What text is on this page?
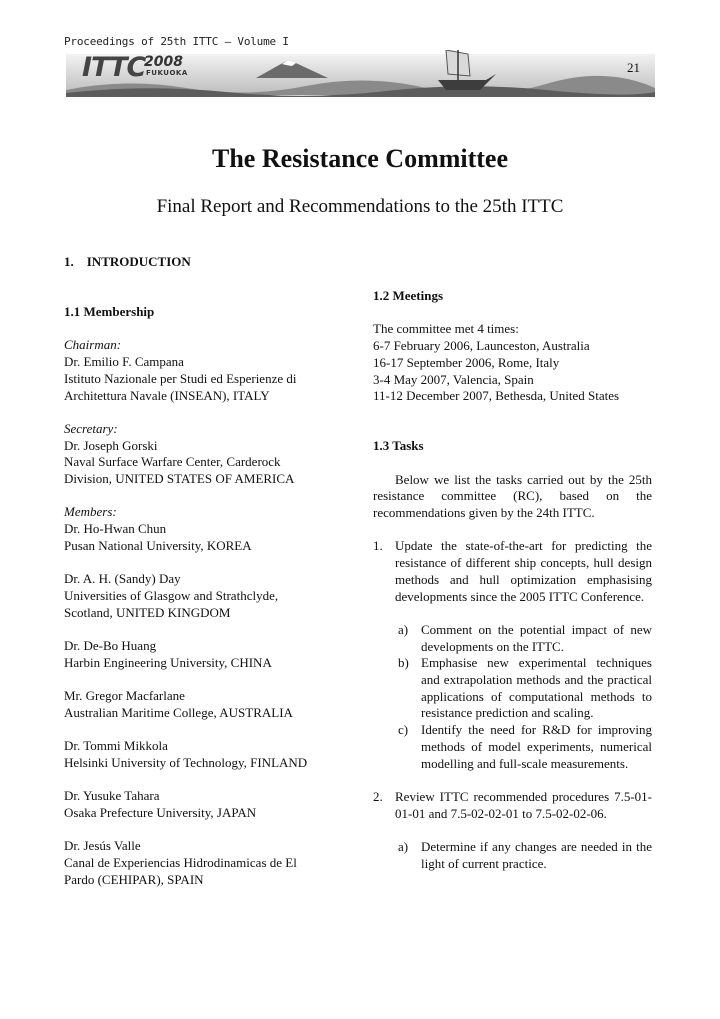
Proceedings of 25th ITTC – Volume I
ITTC
2008
FUKUOKA	21
The Resistance Committee
Final Report and Recommendations to the 25th ITTC
1.    INTRODUCTION
1.1 Membership
Chairman:
Dr. Emilio F. Campana
Istituto Nazionale per Studi ed Esperienze di
Architettura Navale (INSEAN), ITALY
Secretary:
Dr. Joseph Gorski
Naval Surface Warfare Center, Carderock
Division, UNITED STATES OF AMERICA
Members:
Dr. Ho-Hwan Chun
Pusan National University, KOREA
Dr. A. H. (Sandy) Day
Universities of Glasgow and Strathclyde,
Scotland, UNITED KINGDOM
Dr. De-Bo Huang
Harbin Engineering University, CHINA
Mr. Gregor Macfarlane
Australian Maritime College, AUSTRALIA
Dr. Tommi Mikkola
Helsinki University of Technology, FINLAND
Dr. Yusuke Tahara
Osaka Prefecture University, JAPAN
Dr. Jesús Valle
Canal de Experiencias Hidrodinamicas de El
Pardo (CEHIPAR), SPAIN
1.2 Meetings
The committee met 4 times:
6-7 February 2006, Launceston, Australia
16-17 September 2006, Rome, Italy
3-4 May 2007, Valencia, Spain
11-12 December 2007, Bethesda, United States
1.3 Tasks
Below we list the tasks carried out by the 25th resistance committee (RC), based on the recommendations given by the 24th ITTC.
1. Update the state-of-the-art for predicting the resistance of different ship concepts, hull design methods and hull optimization emphasising developments since the 2005 ITTC Conference.
a) Comment on the potential impact of new developments on the ITTC.
b) Emphasise new experimental techniques and extrapolation methods and the practical applications of computational methods to resistance prediction and scaling.
c) Identify the need for R&D for improving methods of model experiments, numerical modelling and full-scale measurements.
2. Review ITTC recommended procedures 7.5-01-01-01 and 7.5-02-02-01 to 7.5-02-02-06.
a) Determine if any changes are needed in the light of current practice.
